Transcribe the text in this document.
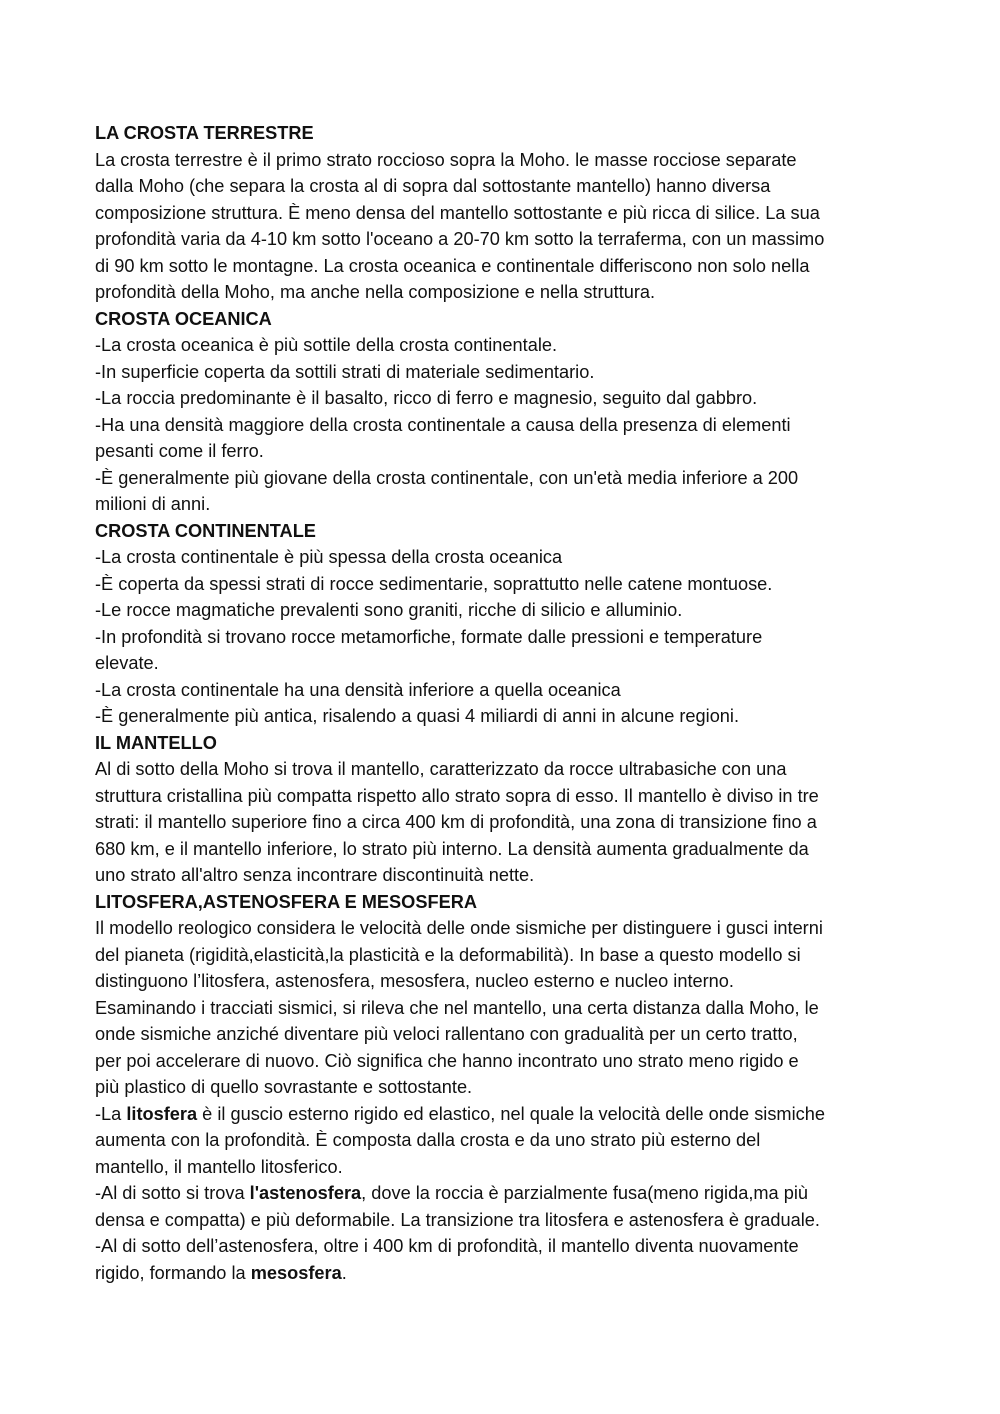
LA CROSTA TERRESTRE
La crosta terrestre è il primo strato roccioso sopra la Moho. le masse rocciose separate
dalla Moho (che separa la crosta al di sopra dal sottostante mantello) hanno diversa
composizione struttura. È meno densa del mantello sottostante e più ricca di silice. La sua
profondità varia da 4-10 km sotto l'oceano a 20-70 km sotto la terraferma, con un massimo
di 90 km sotto le montagne. La crosta oceanica e continentale differiscono non solo nella
profondità della Moho, ma anche nella composizione e nella struttura.
CROSTA OCEANICA
-La crosta oceanica è più sottile della crosta continentale.
-In superficie coperta da sottili strati di materiale sedimentario.
-La roccia predominante è il basalto, ricco di ferro e magnesio, seguito dal gabbro.
-Ha una densità maggiore della crosta continentale a causa della presenza di elementi
pesanti come il ferro.
-È generalmente più giovane della crosta continentale, con un'età media inferiore a 200
milioni di anni.
CROSTA CONTINENTALE
-La crosta continentale è più spessa della crosta oceanica
-È coperta da spessi strati di rocce sedimentarie, soprattutto nelle catene montuose.
-Le rocce magmatiche prevalenti sono graniti, ricche di silicio e alluminio.
-In profondità si trovano rocce metamorfiche, formate dalle pressioni e temperature
elevate.
-La crosta continentale ha una densità inferiore a quella oceanica
-È generalmente più antica, risalendo a quasi 4 miliardi di anni in alcune regioni.
IL MANTELLO
Al di sotto della Moho si trova il mantello, caratterizzato da rocce ultrabasiche con una
struttura cristallina più compatta rispetto allo strato sopra di esso. Il mantello è diviso in tre
strati: il mantello superiore fino a circa 400 km di profondità, una zona di transizione fino a
680 km, e il mantello inferiore, lo strato più interno. La densità aumenta gradualmente da
uno strato all'altro senza incontrare discontinuità nette.
LITOSFERA,ASTENOSFERA E MESOSFERA
Il modello reologico considera le velocità delle onde sismiche per distinguere i gusci interni
del pianeta (rigidità,elasticità,la plasticità e la deformabilità). In base a questo modello si
distinguono l’litosfera, astenosfera, mesosfera, nucleo esterno e nucleo interno.
Esaminando i tracciati sismici, si rileva che nel mantello, una certa distanza dalla Moho, le
onde sismiche anziché diventare più veloci rallentano con gradualità per un certo tratto,
per poi accelerare di nuovo. Ciò significa che hanno incontrato uno strato meno rigido e
più plastico di quello sovrastante e sottostante.
-La litosfera è il guscio esterno rigido ed elastico, nel quale la velocità delle onde sismiche
aumenta con la profondità. È composta dalla crosta e da uno strato più esterno del
mantello, il mantello litosferico.
-Al di sotto si trova l'astenosfera, dove la roccia è parzialmente fusa(meno rigida,ma più
densa e compatta) e più deformabile. La transizione tra litosfera e astenosfera è graduale.
-Al di sotto dell’astenosfera, oltre i 400 km di profondità, il mantello diventa nuovamente
rigido, formando la mesosfera.
